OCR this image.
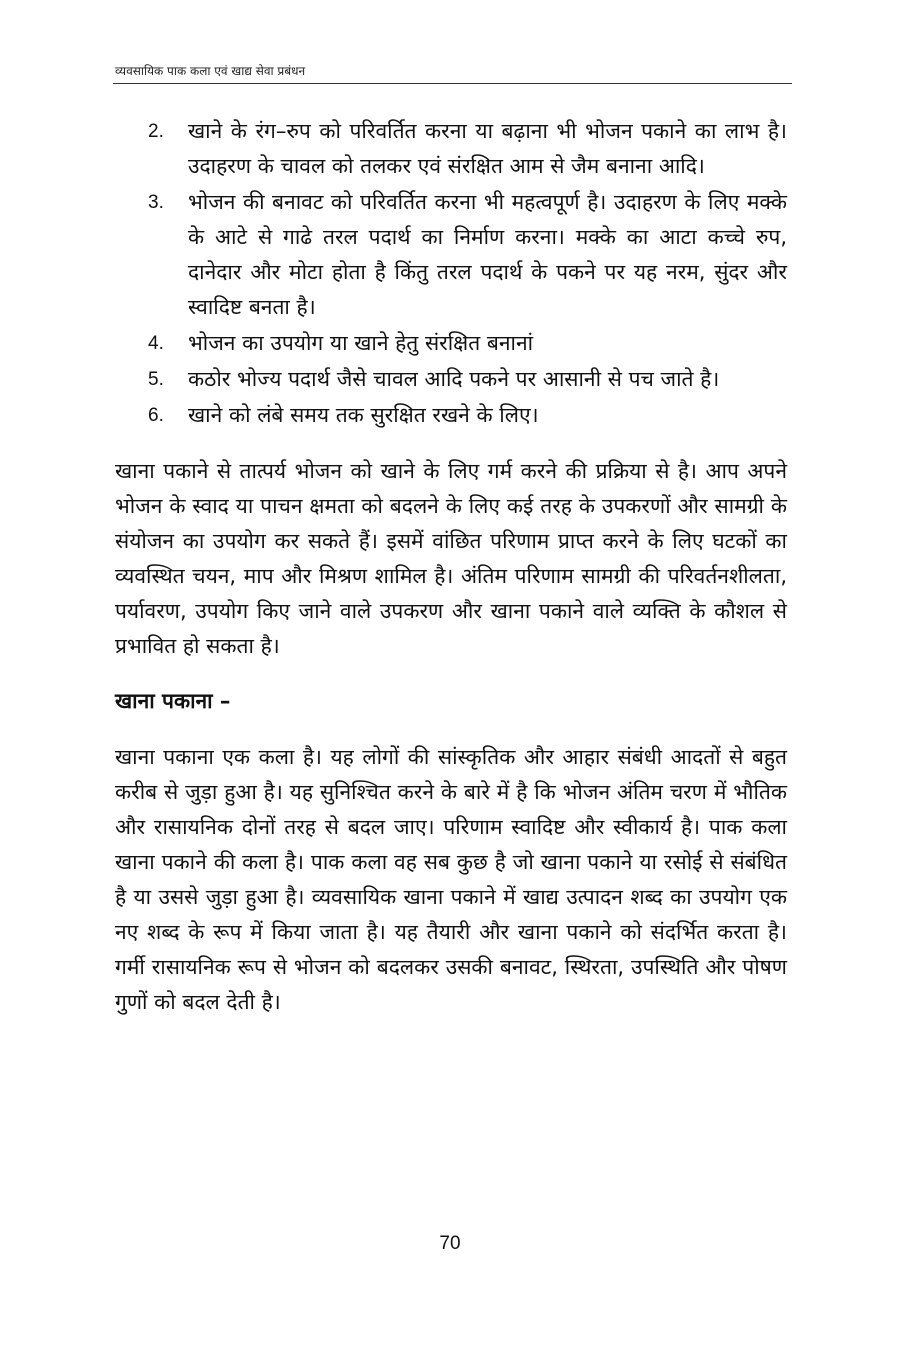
व्यवसायिक पाक कला एवं खाद्य सेवा प्रबंधन
2. खाने के रंग–रुप को परिवर्तित करना या बढ़ाना भी भोजन पकाने का लाभ है। उदाहरण के चावल को तलकर एवं संरक्षित आम से जैम बनाना आदि।
3. भोजन की बनावट को परिवर्तित करना भी महत्वपूर्ण है। उदाहरण के लिए मक्के के आटे से गाढे तरल पदार्थ का निर्माण करना। मक्के का आटा कच्चे रुप, दानेदार और मोटा होता है किंतु तरल पदार्थ के पकने पर यह नरम, सुंदर और स्वादिष्ट बनता है।
4. भोजन का उपयोग या खाने हेतु संरक्षित बनानां
5. कठोर भोज्य पदार्थ जैसे चावल आदि पकने पर आसानी से पच जाते है।
6. खाने को लंबे समय तक सुरक्षित रखने के लिए।

खाना पकाने से तात्पर्य भोजन को खाने के लिए गर्म करने की प्रक्रिया से है। आप अपने भोजन के स्वाद या पाचन क्षमता को बदलने के लिए कई तरह के उपकरणों और सामग्री के संयोजन का उपयोग कर सकते हैं। इसमें वांछित परिणाम प्राप्त करने के लिए घटकों का व्यवस्थित चयन, माप और मिश्रण शामिल है। अंतिम परिणाम सामग्री की परिवर्तनशीलता, पर्यावरण, उपयोग किए जाने वाले उपकरण और खाना पकाने वाले व्यक्ति के कौशल से प्रभावित हो सकता है।

खाना पकाना –

खाना पकाना एक कला है। यह लोगों की सांस्कृतिक और आहार संबंधी आदतों से बहुत करीब से जुड़ा हुआ है। यह सुनिश्चित करने के बारे में है कि भोजन अंतिम चरण में भौतिक और रासायनिक दोनों तरह से बदल जाए। परिणाम स्वादिष्ट और स्वीकार्य है। पाक कला खाना पकाने की कला है। पाक कला वह सब कुछ है जो खाना पकाने या रसोई से संबंधित है या उससे जुड़ा हुआ है। व्यवसायिक खाना पकाने में खाद्य उत्पादन शब्द का उपयोग एक नए शब्द के रूप में किया जाता है। यह तैयारी और खाना पकाने को संदर्भित करता है। गर्मी रासायनिक रूप से भोजन को बदलकर उसकी बनावट, स्थिरता, उपस्थिति और पोषण गुणों को बदल देती है।

70
